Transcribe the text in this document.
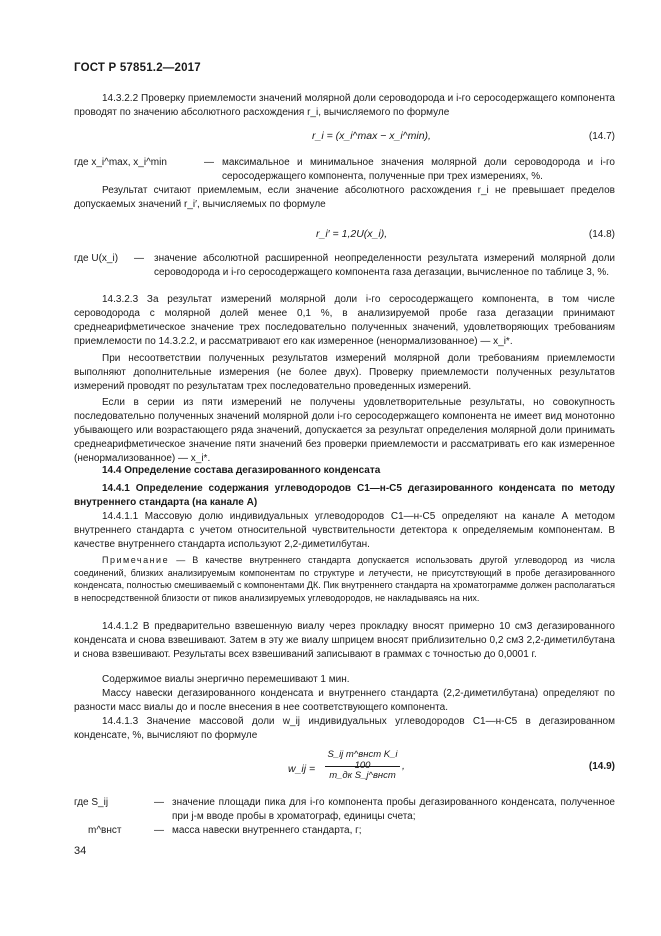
ГОСТ Р 57851.2—2017
14.3.2.2 Проверку приемлемости значений молярной доли сероводорода и i-го серосодержащего компонента проводят по значению абсолютного расхождения r_i, вычисляемого по формуле
r_i = (x_i^max − x_i^min),	(14.7)
где x_i^max, x_i^min	— максимальное и минимальное значения молярной доли сероводорода и i-го серосодержащего компонента, полученные при трех измерениях, %.
Результат считают приемлемым, если значение абсолютного расхождения r_i не превышает пределов допускаемых значений r_i′, вычисляемых по формуле
r_i′ = 1,2U(x_i),	(14.8)
где U(x_i) — значение абсолютной расширенной неопределенности результата измерений молярной доли сероводорода и i-го серосодержащего компонента газа дегазации, вычисленное по таблице 3, %.
14.3.2.3 За результат измерений молярной доли i-го серосодержащего компонента, в том числе сероводорода с молярной долей менее 0,1 %, в анализируемой пробе газа дегазации принимают среднеарифметическое значение трех последовательно полученных значений, удовлетворяющих требованиям приемлемости по 14.3.2.2, и рассматривают его как измеренное (ненормализованное) — x_i*.
При несоответствии полученных результатов измерений молярной доли требованиям приемлемости выполняют дополнительные измерения (не более двух). Проверку приемлемости полученных результатов измерений проводят по результатам трех последовательно проведенных измерений.
Если в серии из пяти измерений не получены удовлетворительные результаты, но совокупность последовательно полученных значений молярной доли i-го серосодержащего компонента не имеет вид монотонно убывающего или возрастающего ряда значений, допускается за результат определения молярной доли принимать среднеарифметическое значение пяти значений без проверки приемлемости и рассматривать его как измеренное (ненормализованное) — x_i*.
14.4 Определение состава дегазированного конденсата
14.4.1 Определение содержания углеводородов C1—н-C5 дегазированного конденсата по методу внутреннего стандарта (на канале А)
14.4.1.1 Массовую долю индивидуальных углеводородов C1—н-C5 определяют на канале А методом внутреннего стандарта с учетом относительной чувствительности детектора к определяемым компонентам. В качестве внутреннего стандарта используют 2,2-диметилбутан.
Примечание — В качестве внутреннего стандарта допускается использовать другой углеводород из числа соединений, близких анализируемым компонентам по структуре и летучести, не присутствующий в пробе дегазированного конденсата, полностью смешиваемый с компонентами ДК. Пик внутреннего стандарта на хроматограмме должен располагаться в непосредственной близости от пиков анализируемых углеводородов, не накладываясь на них.
14.4.1.2 В предварительно взвешенную виалу через прокладку вносят примерно 10 см3 дегазированного конденсата и снова взвешивают. Затем в эту же виалу шприцем вносят приблизительно 0,2 см3 2,2-диметилбутана и снова взвешивают. Результаты всех взвешиваний записывают в граммах с точностью до 0,0001 г.
Содержимое виалы энергично перемешивают 1 мин.
Массу навески дегазированного конденсата и внутреннего стандарта (2,2-диметилбутана) определяют по разности масс виалы до и после внесения в нее соответствующего компонента.
14.4.1.3 Значение массовой доли w_ij индивидуальных углеводородов C1—н-C5 в дегазированном конденсате, %, вычисляют по формуле
w_ij =
S_ij m^внст K_i 100
m_дк S_j^внст
,	(14.9)
где S_ij	— значение площади пика для i-го компонента пробы дегазированного конденсата, полученное при j-м вводе пробы в хроматограф, единицы счета;
m^внст	— масса навески внутреннего стандарта, г;
34
